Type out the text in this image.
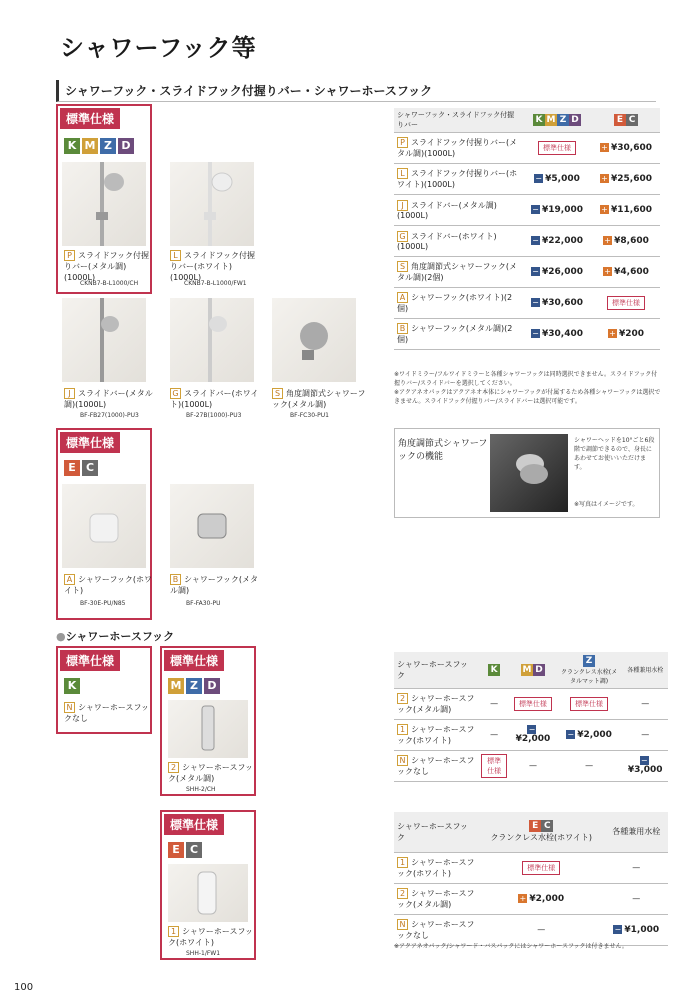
シャワーフック等
シャワーフック・スライドフック付握りバー・シャワーホースフック
標準仕様
K M Z D
P スライドフック付握りバー(メタル調)(1000L)
CKNB7-B-L1000/CH
L スライドフック付握りバー(ホワイト)(1000L)
CKNB7-B-L1000/FW1
J スライドバー(メタル調)(1000L)
BF-FB27(1000)-PU3
G スライドバー(ホワイト)(1000L)
BF-27B(1000)-PU3
S 角度調節式シャワーフック(メタル調)
BF-FC30-PU1
標準仕様
E C
A シャワーフック(ホワイト)
BF-30E-PU/N85
B シャワーフック(メタル調)
BF-FA30-PU
シャワーフック・スライドフック付握りバー	K M Z D	E C
P スライドフック付握りバー(メタル調)(1000L)	標準仕様	+ ¥30,600
L スライドフック付握りバー(ホワイト)(1000L)	− ¥5,000	+ ¥25,600
J スライドバー(メタル調)(1000L)	− ¥19,000	+ ¥11,600
G スライドバー(ホワイト)(1000L)	− ¥22,000	+ ¥8,600
S 角度調節式シャワーフック(メタル調)(2個)	− ¥26,000	+ ¥4,600
A シャワーフック(ホワイト)(2個)	− ¥30,600	標準仕様
B シャワーフック(メタル調)(2個)	− ¥30,400	+ ¥200
※ワイドミラー/フルワイドミラーと各種シャワーフックは同時選択できません。スライドフック付握りバー/スライドバーを選択してください。
※アクアネオパックはアクアネオ本体にシャワーフックが付属するため各種シャワーフックは選択できません。スライドフック付握りバー/スライドバーは選択可能です。
角度調節式シャワーフックの機能
シャワーヘッドを10°ごと6段階で調節できるので、身長にあわせてお使いいただけます。
※写真はイメージです。
●シャワーホースフック
標準仕様
K
N シャワーホースフックなし
標準仕様
M Z D
2 シャワーホースフック(メタル調)
SHH-2/CH
標準仕様
E C
1 シャワーホースフック(ホワイト)
SHH-1/FW1
シャワーホースフック	K	M D	Z
クランクレス水栓(メタルマット調)	各種兼用水栓
2 シャワーホースフック(メタル調)	—	標準仕様	標準仕様	—
1 シャワーホースフック(ホワイト)	—	−¥2,000	− ¥2,000	—
N シャワーホースフックなし	標準仕様	—	—	−¥3,000
シャワーホースフック	E C
クランクレス水栓(ホワイト)	各種兼用水栓
1 シャワーホースフック(ホワイト)	標準仕様	—
2 シャワーホースフック(メタル調)	+ ¥2,000	—
N シャワーホースフックなし	—	− ¥1,000
※アクアネオパック/シャワード・バスパックにはシャワーホースフックは付きません。
100
